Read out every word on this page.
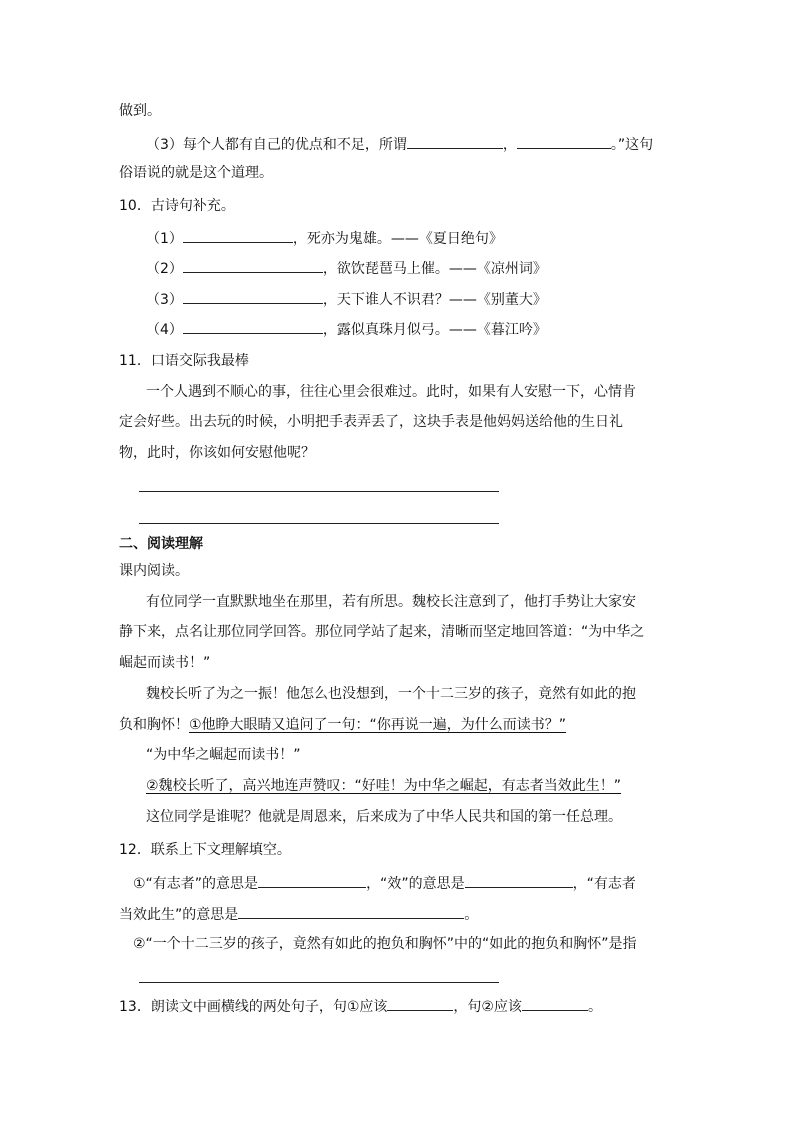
做到。
（3）每个人都有自己的优点和不足，所谓	，	。”这句
俗语说的就是这个道理。
10．古诗句补充。
（1）	，死亦为鬼雄。——《夏日绝句》
（2）	，欲饮琵琶马上催。——《凉州词》
（3）	，天下谁人不识君？——《别董大》
（4）	，露似真珠月似弓。——《暮江吟》
11．口语交际我最棒
一个人遇到不顺心的事，往往心里会很难过。此时，如果有人安慰一下，心情肯
定会好些。出去玩的时候，小明把手表弄丢了，这块手表是他妈妈送给他的生日礼
物，此时，你该如何安慰他呢？
二、阅读理解
课内阅读。
有位同学一直默默地坐在那里，若有所思。魏校长注意到了，他打手势让大家安
静下来，点名让那位同学回答。那位同学站了起来，清晰而坚定地回答道：“为中华之
崛起而读书！”
魏校长听了为之一振！他怎么也没想到，一个十二三岁的孩子，竟然有如此的抱
负和胸怀！①他睁大眼睛又追问了一句：“你再说一遍，为什么而读书？”
“为中华之崛起而读书！”
②魏校长听了，高兴地连声赞叹：“好哇！为中华之崛起，有志者当效此生！”
这位同学是谁呢？他就是周恩来，后来成为了中华人民共和国的第一任总理。
12．联系上下文理解填空。
①“有志者”的意思是	，“效”的意思是	，“有志者
当效此生”的意思是	。
②“一个十二三岁的孩子，竟然有如此的抱负和胸怀”中的“如此的抱负和胸怀”是指
13．朗读文中画横线的两处句子，句①应该	，句②应该	。
